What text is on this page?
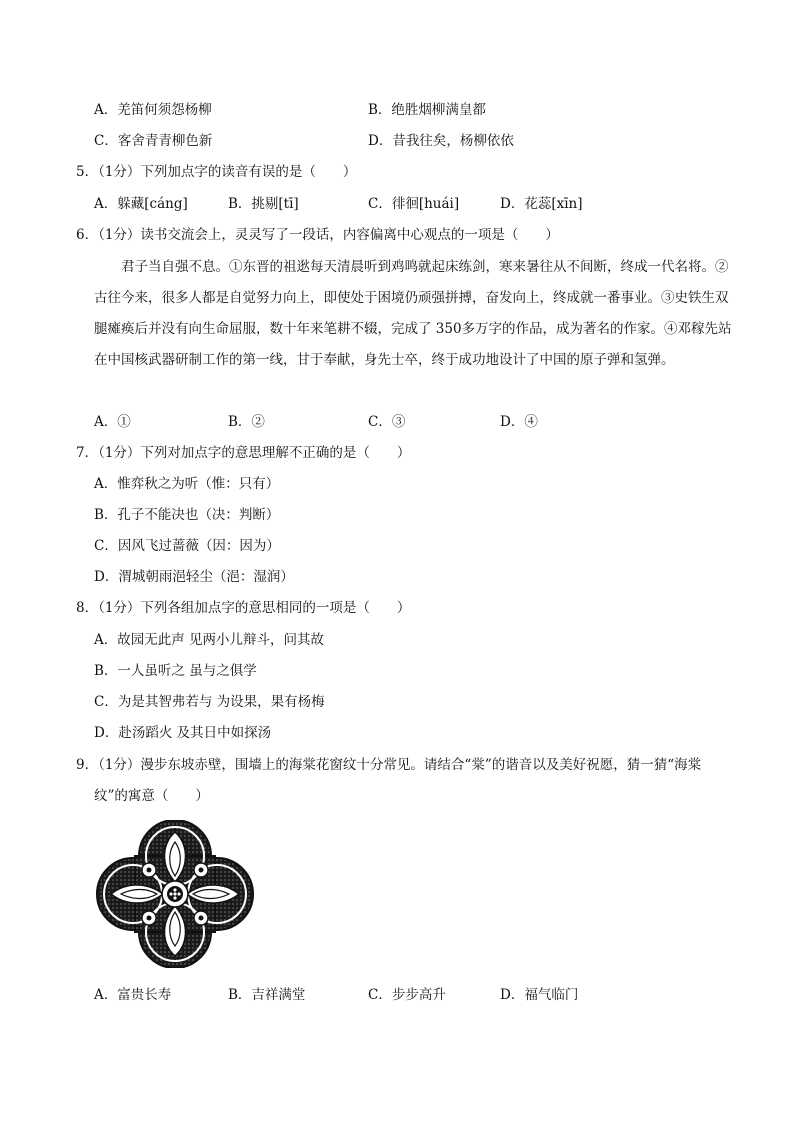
A．羌笛何须怨杨柳	B．绝胜烟柳满皇都
C．客舍青青柳色新	D．昔我往矣，杨柳依依
5．（1分）下列加点字的读音有误的是（　　）
A．躲藏[cáng]	B．挑剔[tī]	C．徘徊[huái]	D．花蕊[xīn]
6．（1分）读书交流会上，灵灵写了一段话，内容偏离中心观点的一项是（　　）

君子当自强不息。①东晋的祖逖每天清晨听到鸡鸣就起床练剑，寒来暑往从不间断，终成一代名将。②古往今来，很多人都是自觉努力向上，即使处于困境仍顽强拼搏，奋发向上，终成就一番事业。③史铁生双腿瘫痪后并没有向生命屈服，数十年来笔耕不辍，完成了 350多万字的作品，成为著名的作家。④邓稼先站在中国核武器研制工作的第一线，甘于奉献，身先士卒，终于成功地设计了中国的原子弹和氢弹。

A．①	B．②	C．③	D．④
7．（1分）下列对加点字的意思理解不正确的是（　　）
A．惟弈秋之为听（惟：只有）
B．孔子不能决也（决：判断）
C．因风飞过蔷薇（因：因为）
D．渭城朝雨浥轻尘（浥：湿润）
8．（1分）下列各组加点字的意思相同的一项是（　　）
A．故园无此声 见两小儿辩斗，问其故
B．一人虽听之 虽与之俱学
C．为是其智弗若与 为设果，果有杨梅
D．赴汤蹈火 及其日中如探汤
9．（1分）漫步东坡赤壁，围墙上的海棠花窗纹十分常见。请结合“棠”的谐音以及美好祝愿，猜一猜“海棠
纹”的寓意（　　）
A．富贵长寿	B．吉祥满堂	C．步步高升	D．福气临门
